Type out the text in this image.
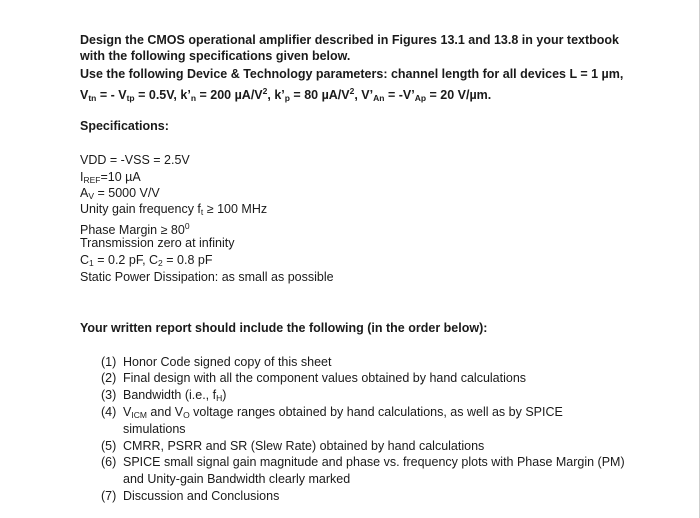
Design the CMOS operational amplifier described in Figures 13.1 and 13.8 in your textbook
with the following specifications given below.
Use the following Device & Technology parameters: channel length for all devices L = 1 µm,
$V_{tn}$ = - $V_{tp} = 0.5V$, $k’_n = 200$ $\mu A/V^2$, $k’_p = 80$ $\mu A/V^2$, $V’_{An}$ = $-V’_{Ap} = 20$ V/µm.
Specifications:
VDD = -VSS = 2.5V
$I_{REF}=10$ µA
$A_V = 5000$ V/V
Unity gain frequency $f_t \ge 100$ MHz
Phase Margin ≥ $80^0$
Transmission zero at infinity
$C_1 = 0.2$ pF, $C_2 = 0.8$ pF
Static Power Dissipation: as small as possible
Your written report should include the following (in the order below):
(1) Honor Code signed copy of this sheet
(2) Final design with all the component values obtained by hand calculations
(3) Bandwidth (i.e., $f_H$)
(4) $V_{ICM}$ and $V_O$ voltage ranges obtained by hand calculations, as well as by SPICE
simulations
(5) CMRR, PSRR and SR (Slew Rate) obtained by hand calculations
(6) SPICE small signal gain magnitude and phase vs. frequency plots with Phase Margin (PM)
and Unity-gain Bandwidth clearly marked
(7) Discussion and Conclusions
